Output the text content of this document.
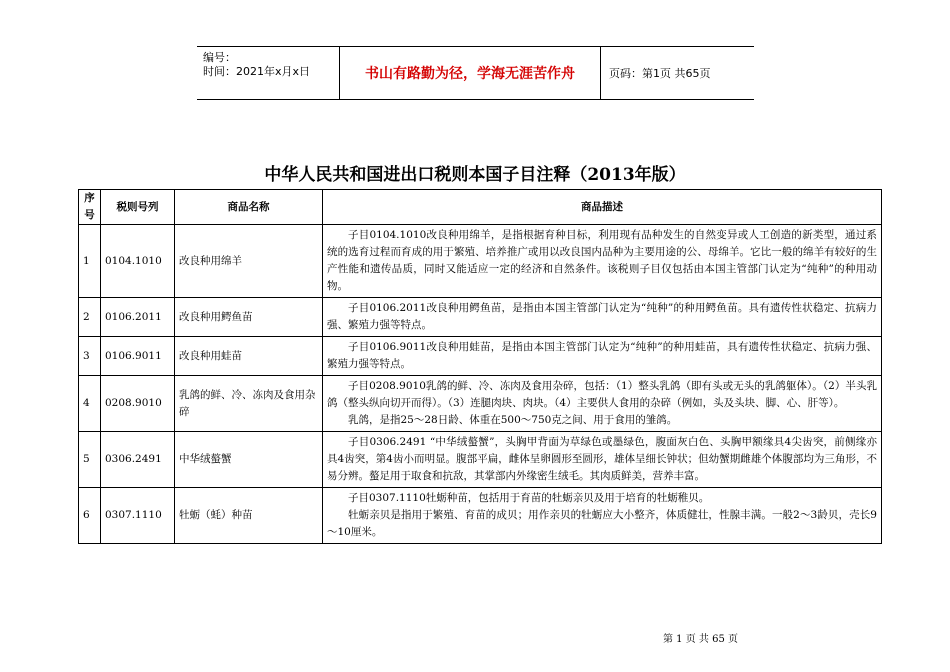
编号：
时间：2021年x月x日	书山有路勤为径，学海无涯苦作舟	页码：第1页 共65页
中华人民共和国进出口税则本国子目注释（2013年版）
序号	税则号列	商品名称	商品描述
1	0104.1010	改良种用绵羊	子目0104.1010改良种用绵羊，是指根据育种目标，利用现有品种发生的自然变异或人工创造的新类型，通过系统的选育过程而育成的用于繁殖、培养推广或用以改良国内品种为主要用途的公、母绵羊。它比一般的绵羊有较好的生产性能和遗传品质，同时又能适应一定的经济和自然条件。该税则子目仅包括由本国主管部门认定为“纯种”的种用动物。

2	0106.2011	改良种用鳄鱼苗	子目0106.2011改良种用鳄鱼苗，是指由本国主管部门认定为“纯种”的种用鳄鱼苗。具有遗传性状稳定、抗病力强、繁殖力强等特点。

3	0106.9011	改良种用蛙苗	子目0106.9011改良种用蛙苗，是指由本国主管部门认定为“纯种”的种用蛙苗，具有遗传性状稳定、抗病力强、繁殖力强等特点。

4	0208.9010	乳鸽的鲜、冷、冻肉及食用杂碎	子目0208.9010乳鸽的鲜、冷、冻肉及食用杂碎，包括：（1）整头乳鸽（即有头或无头的乳鸽躯体）。（2）半头乳鸽（整头纵向切开而得）。（3）连腿肉块、肉块。（4）主要供人食用的杂碎（例如，头及头块、脚、心、肝等）。

乳鸽，是指25～28日龄、体重在500～750克之间、用于食用的雏鸽。

5	0306.2491	中华绒螯蟹	子目0306.2491 “中华绒螯蟹”，头胸甲背面为草绿色或墨绿色，腹面灰白色、头胸甲额缘具4尖齿突，前侧缘亦具4齿突，第4齿小而明显。腹部平扁，雌体呈卵圆形至圆形，雄体呈细长钟状；但幼蟹期雌雄个体腹部均为三角形，不易分辨。螯足用于取食和抗敌，其掌部内外缘密生绒毛。其肉质鲜美，营养丰富。

6	0307.1110	牡蛎（蚝）种苗	子目0307.1110牡蛎种苗，包括用于育苗的牡蛎亲贝及用于培育的牡蛎稚贝。

牡蛎亲贝是指用于繁殖、育苗的成贝；用作亲贝的牡蛎应大小整齐，体质健壮，性腺丰满。一般2～3龄贝，壳长9～10厘米。

第 1 页 共 65 页
